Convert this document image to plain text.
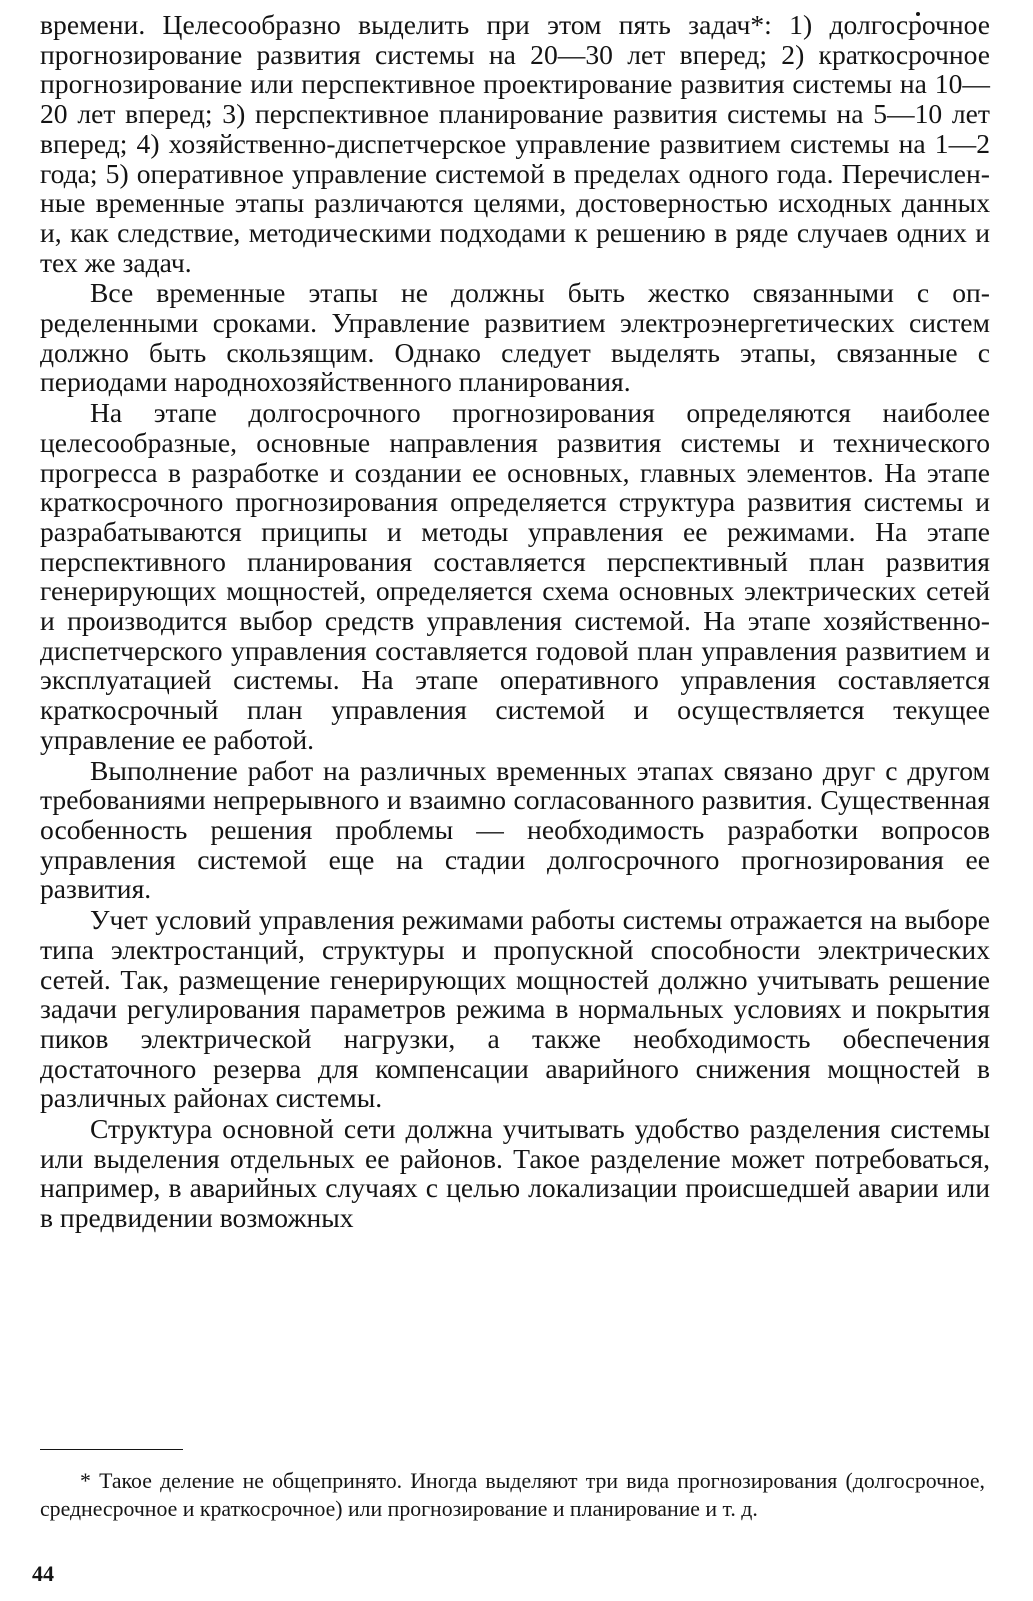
времени. Целесообразно выделить при этом пять задач*: 1) долгосрочное прогнозирование развития системы на 20—30 лет вперед; 2) краткосрочное прогнозирование или перспективное проектирование развития системы на 10—20 лет вперед; 3) перспективное планирование развития системы на 5—10 лет вперед; 4) хозяйственно-диспетчерское управление развитием системы на 1—2 года; 5) оперативное управление системой в пределах одного года. Перечисленные временные этапы различаются целями, достоверностью исходных данных и, как следствие, методическими подходами к решению в ряде случаев одних и тех же задач.

Все временные этапы не должны быть жестко связанными с определенными сроками. Управление развитием электроэнергетических систем должно быть скользящим. Однако следует выделять этапы, связанные с периодами народнохозяйственного планирования.

На этапе долгосрочного прогнозирования определяются наиболее целесообразные, основные направления развития системы и технического прогресса в разработке и создании ее основных, главных элементов. На этапе краткосрочного прогнозирования определяется структура развития системы и разрабатываются приципы и методы управления ее режимами. На этапе перспективного планирования составляется перспективный план развития генерирующих мощностей, определяется схема основных электрических сетей и производится выбор средств управления системой. На этапе хозяйственно-диспетчерского управления составляется годовой план управления развитием и эксплуатацией системы. На этапе оперативного управления составляется краткосрочный план управления системой и осуществляется текущее управление ее работой.

Выполнение работ на различных временных этапах связано друг с другом требованиями непрерывного и взаимно согласованного развития. Существенная особенность решения проблемы — необходимость разработки вопросов управления системой еще на стадии долгосрочного прогнозирования ее развития.

Учет условий управления режимами работы системы отражается на выборе типа электростанций, структуры и пропускной способности электрических сетей. Так, размещение генерирующих мощностей должно учитывать решение задачи регулирования параметров режима в нормальных условиях и покрытия пиков электрической нагрузки, а также необходимость обеспечения достаточного резерва для компенсации аварийного снижения мощностей в различных районах системы.

Структура основной сети должна учитывать удобство разделения системы или выделения отдельных ее районов. Такое разделение может потребоваться, например, в аварийных случаях с целью локализации происшедшей аварии или в предвидении возможных

* Такое деление не общепринято. Иногда выделяют три вида прогнозирования (долгосрочное, среднесрочное и краткосрочное) или прогнозирование и планирование и т. д.

44
